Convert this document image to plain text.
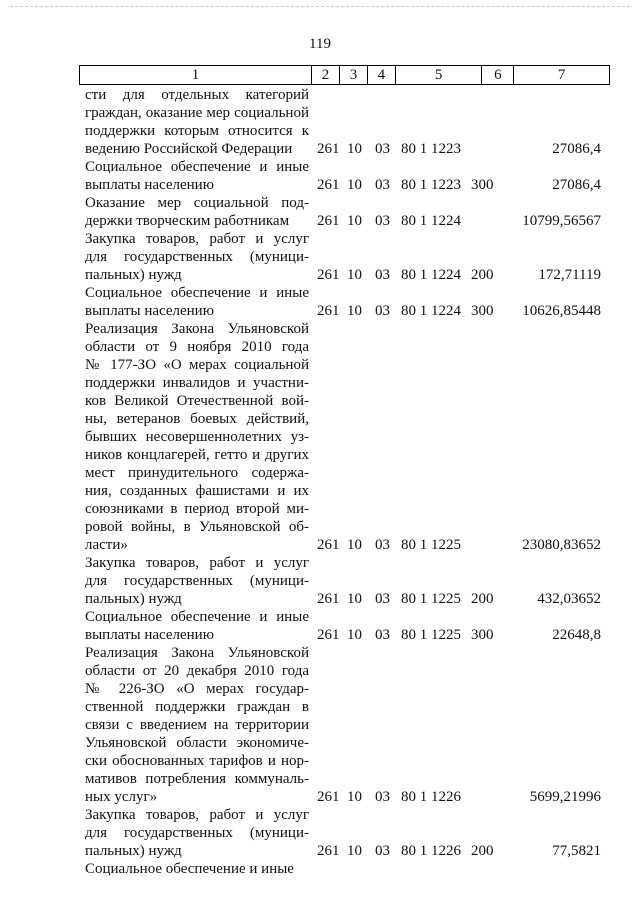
119
1	2	3	4	5	6	7
сти для отдельных категорий
граждан, оказание мер социальной
поддержки которым относится к
ведению Российской Федерации	261 10 03 80 1 1223	27086,4
Социальное обеспечение и иные
выплаты населению	261 10 03 80 1 1223 300	27086,4
Оказание мер социальной под-
держки творческим работникам	261 10 03 80 1 1224	10799,56567
Закупка товаров, работ и услуг
для государственных (муници-
пальных) нужд	261 10 03 80 1 1224 200	172,71119
Социальное обеспечение и иные
выплаты населению	261 10 03 80 1 1224 300 10626,85448
Реализация Закона Ульяновской
области от 9 ноября 2010 года
№ 177-ЗО «О мерах социальной
поддержки инвалидов и участни-
ков Великой Отечественной вой-
ны, ветеранов боевых действий,
бывших несовершеннолетних уз-
ников концлагерей, гетто и других
мест принудительного содержа-
ния, созданных фашистами и их
союзниками в период второй ми-
ровой войны, в Ульяновской об-
ласти»	261 10 03 80 1 1225	23080,83652
Закупка товаров, работ и услуг
для государственных (муници-
пальных) нужд	261 10 03 80 1 1225 200	432,03652
Социальное обеспечение и иные
выплаты населению	261 10 03 80 1 1225 300	22648,8
Реализация Закона Ульяновской
области от 20 декабря 2010 года
№ 226-ЗО «О мерах государ-
ственной поддержки граждан в
связи с введением на территории
Ульяновской области экономиче-
ски обоснованных тарифов и нор-
мативов потребления коммуналь-
ных услуг»	261 10 03 80 1 1226	5699,21996
Закупка товаров, работ и услуг
для государственных (муници-
пальных) нужд	261 10 03 80 1 1226 200	77,5821
Социальное обеспечение и иные
